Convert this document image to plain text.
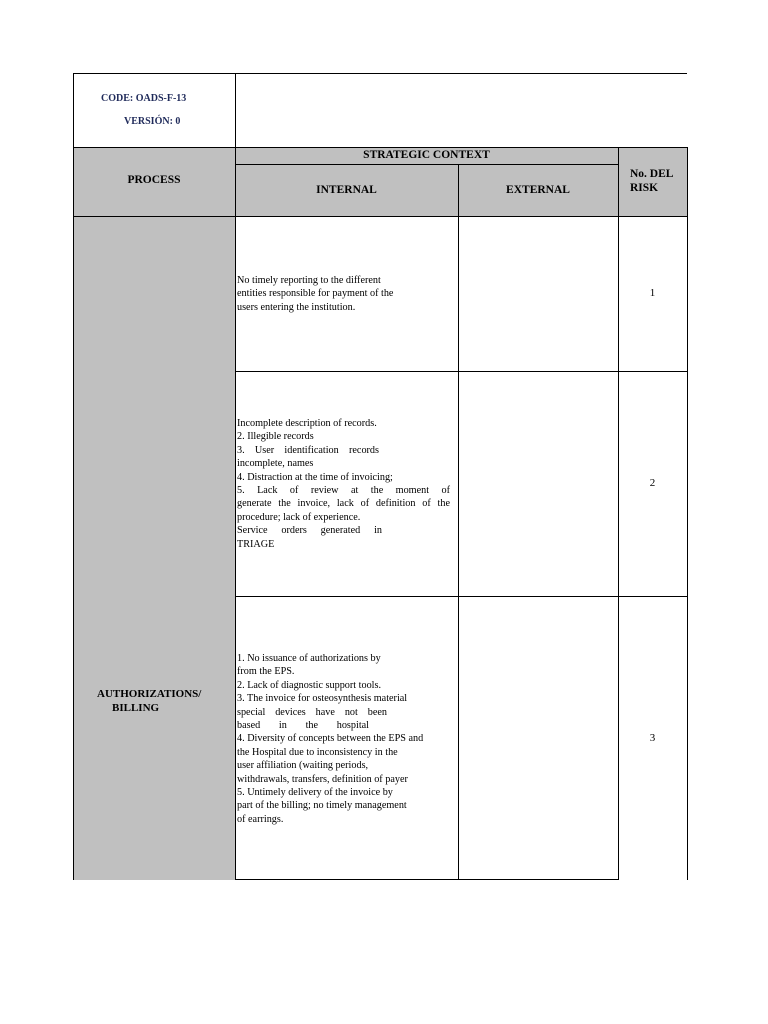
CODE: OADS-F-13
VERSIÓN: 0
PROCESS
STRATEGIC CONTEXT
INTERNAL	EXTERNAL
No. DEL
RISK
AUTHORIZATIONS/
BILLING

No timely reporting to the different

entities responsible for payment of the

users entering the institution.

1

Incomplete description of records.

2. Illegible records

3. User identification records

incomplete, names

4. Distraction at the time of invoicing;

5. Lack of review at the moment of

generate the invoice, lack of definition of the

procedure; lack of experience.

Service orders generated in

TRIAGE

2

1. No issuance of authorizations by

from the EPS.

2. Lack of diagnostic support tools.

3. The invoice for osteosynthesis material

special devices have not been

based in the hospital

4. Diversity of concepts between the EPS and

the Hospital due to inconsistency in the

user affiliation (waiting periods,

withdrawals, transfers, definition of payer

5. Untimely delivery of the invoice by

part of the billing; no timely management

of earrings.

3
